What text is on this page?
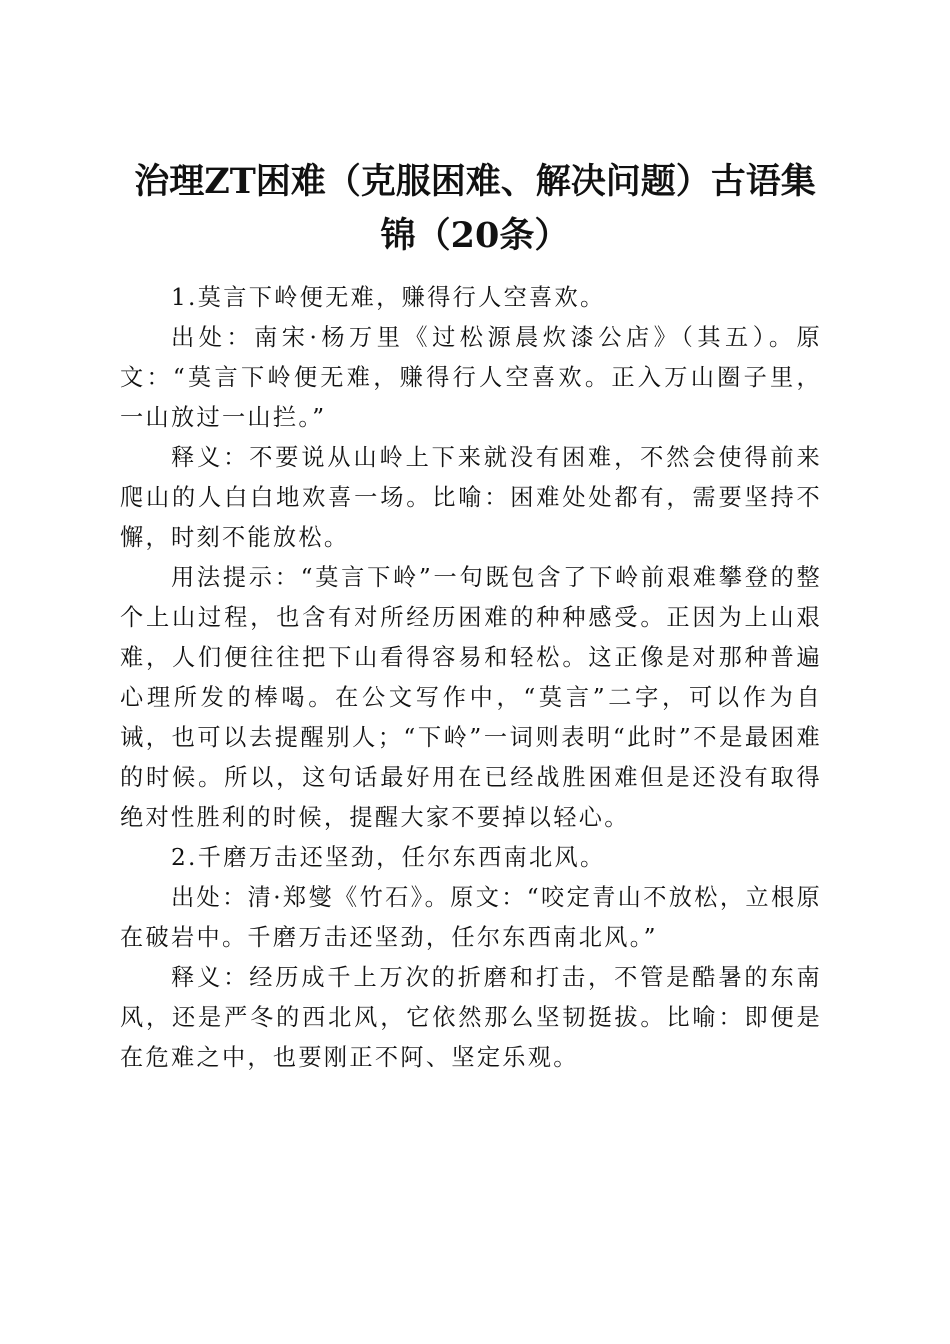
治理ZT困难（克服困难、解决问题）古语集
锦（20条）

1.莫言下岭便无难，赚得行人空喜欢。

出处：南宋·杨万里《过松源晨炊漆公店》（其五）。原文：“莫言下岭便无难，赚得行人空喜欢。正入万山圈子里，一山放过一山拦。”

释义：不要说从山岭上下来就没有困难，不然会使得前来爬山的人白白地欢喜一场。比喻：困难处处都有，需要坚持不懈，时刻不能放松。

用法提示：“莫言下岭”一句既包含了下岭前艰难攀登的整个上山过程，也含有对所经历困难的种种感受。正因为上山艰难，人们便往往把下山看得容易和轻松。这正像是对那种普遍心理所发的棒喝。在公文写作中，“莫言”二字，可以作为自诫，也可以去提醒别人；“下岭”一词则表明“此时”不是最困难的时候。所以，这句话最好用在已经战胜困难但是还没有取得绝对性胜利的时候，提醒大家不要掉以轻心。

2.千磨万击还坚劲，任尔东西南北风。

出处：清·郑燮《竹石》。原文：“咬定青山不放松，立根原在破岩中。千磨万击还坚劲，任尔东西南北风。”

释义：经历成千上万次的折磨和打击，不管是酷暑的东南风，还是严冬的西北风，它依然那么坚韧挺拔。比喻：即便是在危难之中，也要刚正不阿、坚定乐观。
